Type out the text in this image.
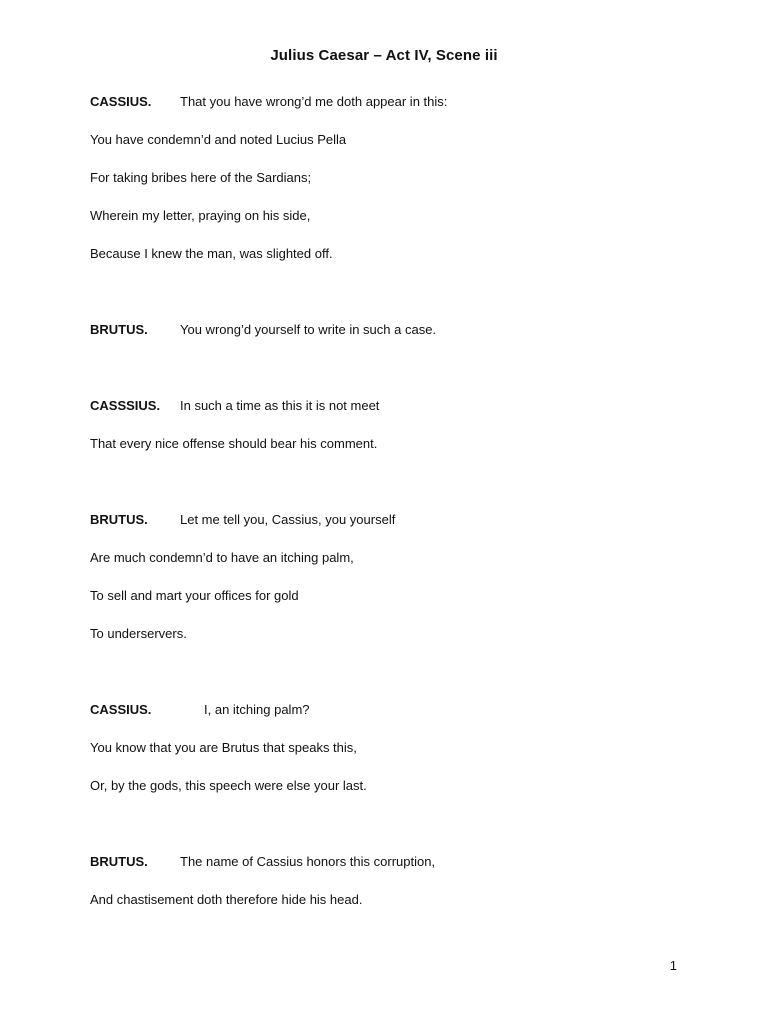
Julius Caesar – Act IV, Scene iii
CASSIUS. That you have wrong’d me doth appear in this:
You have condemn’d and noted Lucius Pella
For taking bribes here of the Sardians;
Wherein my letter, praying on his side,
Because I knew the man, was slighted off.
BRUTUS. You wrong’d yourself to write in such a case.
CASSSIUS. In such a time as this it is not meet
That every nice offense should bear his comment.
BRUTUS. Let me tell you, Cassius, you yourself
Are much condemn’d to have an itching palm,
To sell and mart your offices for gold
To underservers.
CASSIUS.	I, an itching palm?
You know that you are Brutus that speaks this,
Or, by the gods, this speech were else your last.
BRUTUS. The name of Cassius honors this corruption,
And chastisement doth therefore hide his head.
1
